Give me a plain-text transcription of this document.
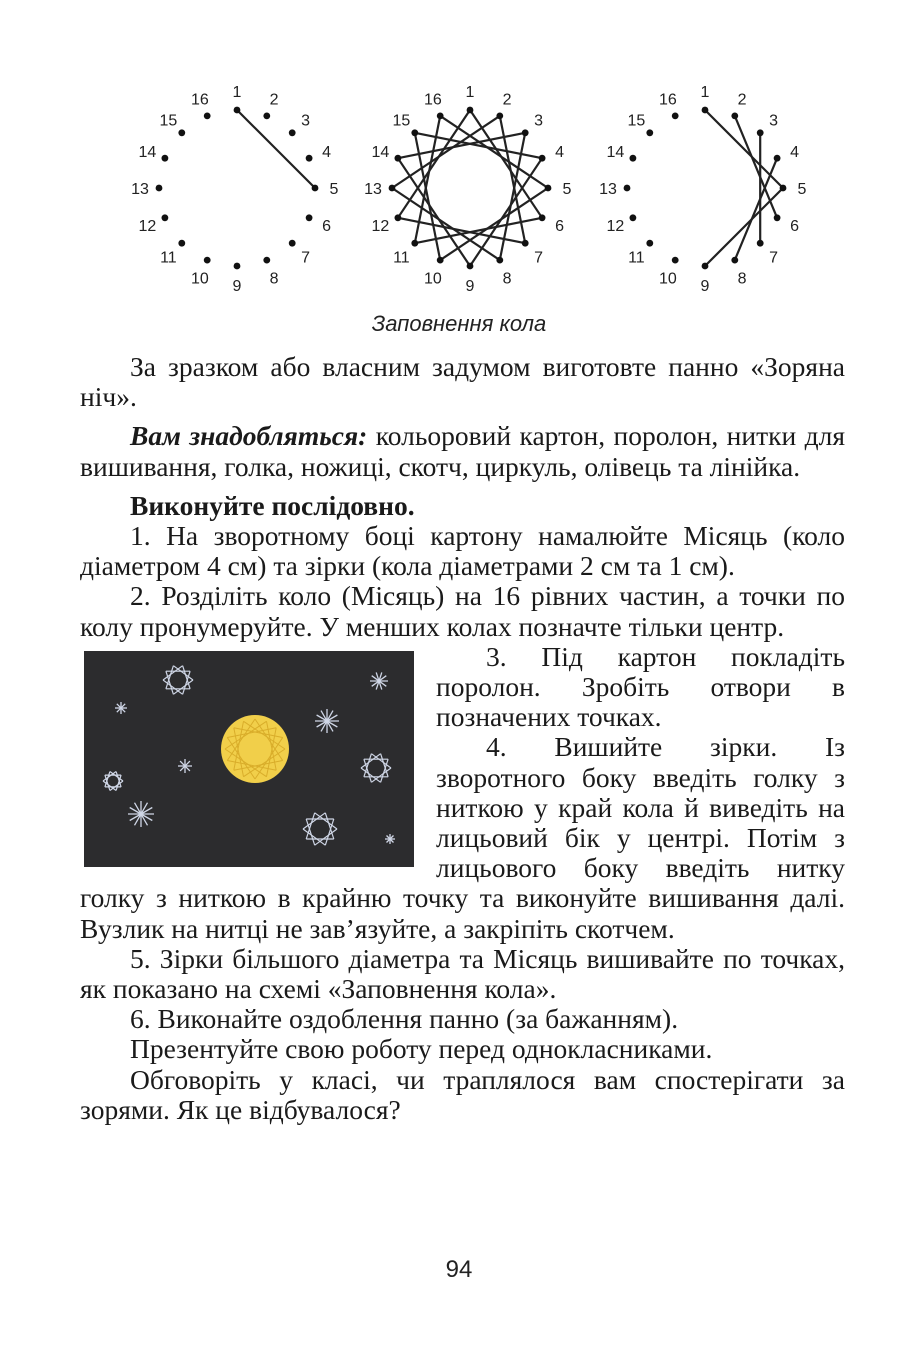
1 2
3
4
5
6
7
8
9
10
11
12
13
14
15
16	1 2
3
4
5
6
7
8
9
10
11
12
13
14
15
16	1 2
3
4
5
6
7
8
9
10
11
12
13
14
15
16
Заповнення кола

За зразком або власним задумом виготовте панно «Зоряна ніч».

Вам знадобляться: кольоровий картон, поролон, нитки для вишивання, голка, ножиці, скотч, циркуль, олівець та лінійка.

Виконуйте послідовно.

1. На зворотному боці картону намалюйте Місяць (коло діаметром 4 см) та зірки (кола діаметрами 2 см та 1 см).

2. Розділіть коло (Місяць) на 16 рівних частин, а точки по колу пронумеруйте. У менших колах позначте тільки центр.

3. Під картон покладіть поролон. Зробіть отвори в позначених точках.

4. Вишийте зірки. Із зворотного боку введіть голку з ниткою у край кола й виведіть на лицьовий бік у центрі. Потім з лицьового боку введіть нитку голку з ниткою в крайню точку та виконуйте вишивання далі. Вузлик на нитці не зав’язуйте, а закріпіть скотчем.

5. Зірки більшого діаметра та Місяць вишивайте по точках, як показано на схемі «Заповнення кола».

6. Виконайте оздоблення панно (за бажанням).

Презентуйте свою роботу перед однокласниками.

Обговоріть у класі, чи траплялося вам спостерігати за зорями. Як це відбувалося?

94
